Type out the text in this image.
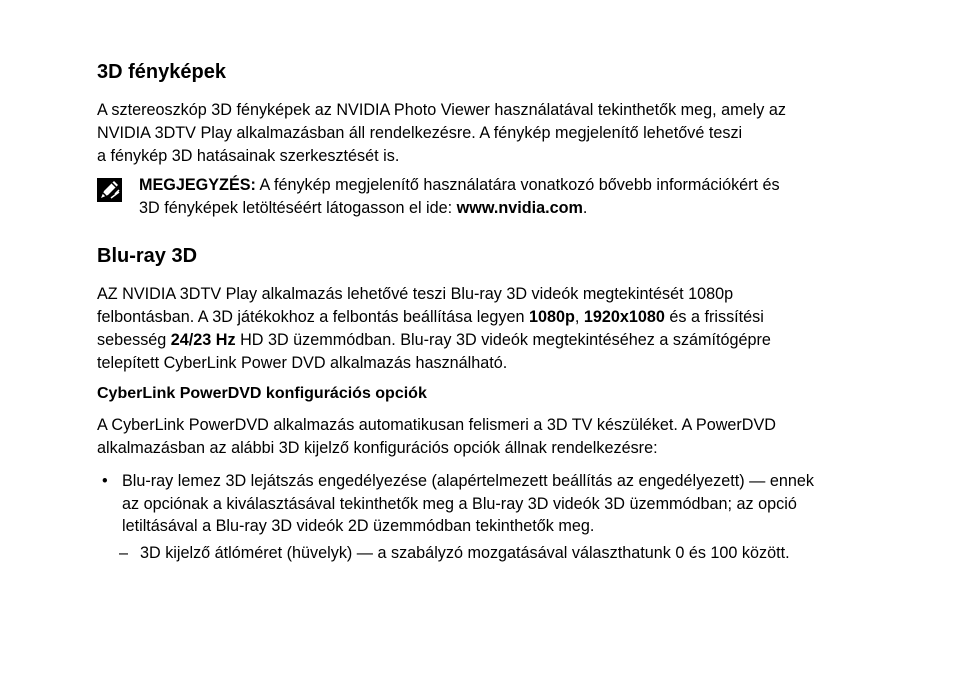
3D fényképek

A sztereoszkóp 3D fényképek az NVIDIA Photo Viewer használatával tekinthetők meg, amely az
NVIDIA 3DTV Play alkalmazásban áll rendelkezésre. A fénykép megjelenítő lehetővé teszi
a fénykép 3D hatásainak szerkesztését is.

MEGJEGYZÉS: A fénykép megjelenítő használatára vonatkozó bővebb információkért és
3D fényképek letöltéséért látogasson el ide: www.nvidia.com.
Blu-ray 3D

AZ NVIDIA 3DTV Play alkalmazás lehetővé teszi Blu-ray 3D videók megtekintését 1080p
felbontásban. A 3D játékokhoz a felbontás beállítása legyen 1080p, 1920x1080 és a frissítési
sebesség 24/23 Hz HD 3D üzemmódban. Blu-ray 3D videók megtekintéséhez a számítógépre
telepített CyberLink Power DVD alkalmazás használható.

CyberLink PowerDVD konfigurációs opciók

A CyberLink PowerDVD alkalmazás automatikusan felismeri a 3D TV készüléket. A PowerDVD
alkalmazásban az alábbi 3D kijelző konfigurációs opciók állnak rendelkezésre:

• Blu-ray lemez 3D lejátszás engedélyezése (alapértelmezett beállítás az engedélyezett) — ennek
az opciónak a kiválasztásával tekinthetők meg a Blu-ray 3D videók 3D üzemmódban; az opció
letiltásával a Blu-ray 3D videók 2D üzemmódban tekinthetők meg.
– 3D kijelző átlóméret (hüvelyk) — a szabályzó mozgatásával választhatunk 0 és 100 között.
